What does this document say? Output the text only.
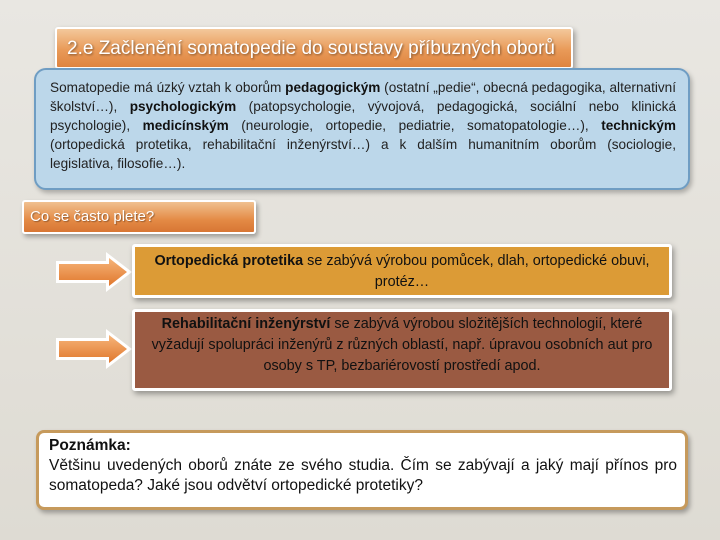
2.e Začlenění somatopedie do soustavy příbuzných oborů
Somatopedie má úzký vztah k oborům pedagogickým (ostatní „pedie“, obecná pedagogika, alternativní školství…), psychologickým (patopsychologie, vývojová, pedagogická, sociální nebo klinická psychologie), medicínským (neurologie, ortopedie, pediatrie, somatopatologie…), technickým (ortopedická protetika, rehabilitační inženýrství…) a k dalším humanitním oborům (sociologie, legislativa, filosofie…).
Co se často plete?
Ortopedická protetika se zabývá výrobou pomůcek, dlah, ortopedické obuvi, protéz…
Rehabilitační inženýrství se zabývá výrobou složitějších technologií, které vyžadují spolupráci inženýrů z různých oblastí, např. úpravou osobních aut pro osoby s TP, bezbariérovostí prostředí apod.
Poznámka:
Většinu uvedených oborů znáte ze svého studia. Čím se zabývají a jaký mají přínos pro somatopeda? Jaké jsou odvětví ortopedické protetiky?
